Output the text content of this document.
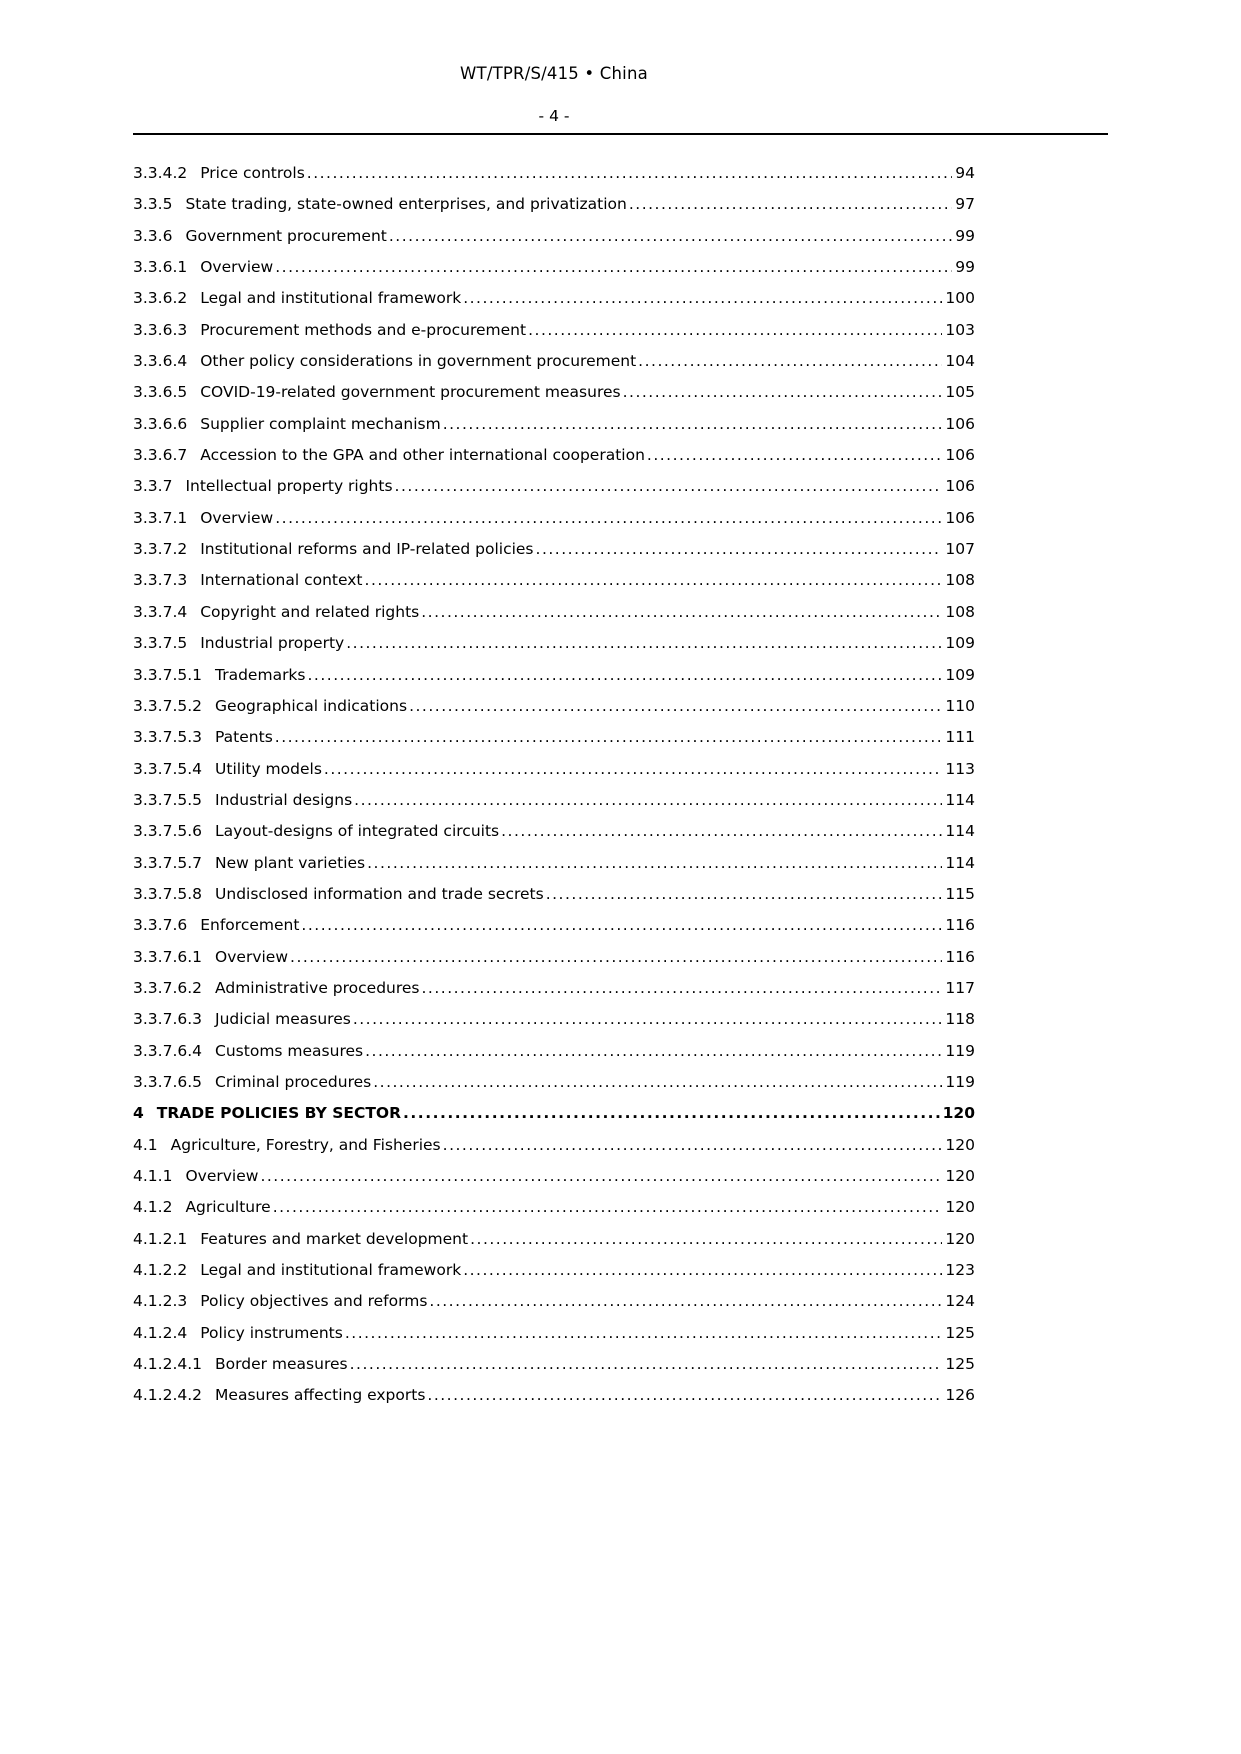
WT/TPR/S/415 • China
- 4 -
3.3.4.2 Price controls .....	94
3.3.5 State trading, state-owned enterprises, and privatization .....	97
3.3.6 Government procurement .....	99
3.3.6.1 Overview .....	99
3.3.6.2 Legal and institutional framework .....	100
3.3.6.3 Procurement methods and e-procurement .....	103
3.3.6.4 Other policy considerations in government procurement .....	104
3.3.6.5 COVID-19-related government procurement measures .....	105
3.3.6.6 Supplier complaint mechanism .....	106
3.3.6.7 Accession to the GPA and other international cooperation .....	106
3.3.7 Intellectual property rights .....	106
3.3.7.1 Overview .....	106
3.3.7.2 Institutional reforms and IP-related policies .....	107
3.3.7.3 International context .....	108
3.3.7.4 Copyright and related rights .....	108
3.3.7.5 Industrial property .....	109
3.3.7.5.1 Trademarks .....	109
3.3.7.5.2 Geographical indications .....	110
3.3.7.5.3 Patents .....	111
3.3.7.5.4 Utility models .....	113
3.3.7.5.5 Industrial designs .....	114
3.3.7.5.6 Layout-designs of integrated circuits .....	114
3.3.7.5.7 New plant varieties .....	114
3.3.7.5.8 Undisclosed information and trade secrets .....	115
3.3.7.6 Enforcement .....	116
3.3.7.6.1 Overview .....	116
3.3.7.6.2 Administrative procedures .....	117
3.3.7.6.3 Judicial measures .....	118
3.3.7.6.4 Customs measures .....	119
3.3.7.6.5 Criminal procedures .....	119
4 TRADE POLICIES BY SECTOR .....	120
4.1 Agriculture, Forestry, and Fisheries .....	120
4.1.1 Overview .....	120
4.1.2 Agriculture .....	120
4.1.2.1 Features and market development .....	120
4.1.2.2 Legal and institutional framework .....	123
4.1.2.3 Policy objectives and reforms .....	124
4.1.2.4 Policy instruments .....	125
4.1.2.4.1 Border measures .....	125
4.1.2.4.2 Measures affecting exports .....	126
